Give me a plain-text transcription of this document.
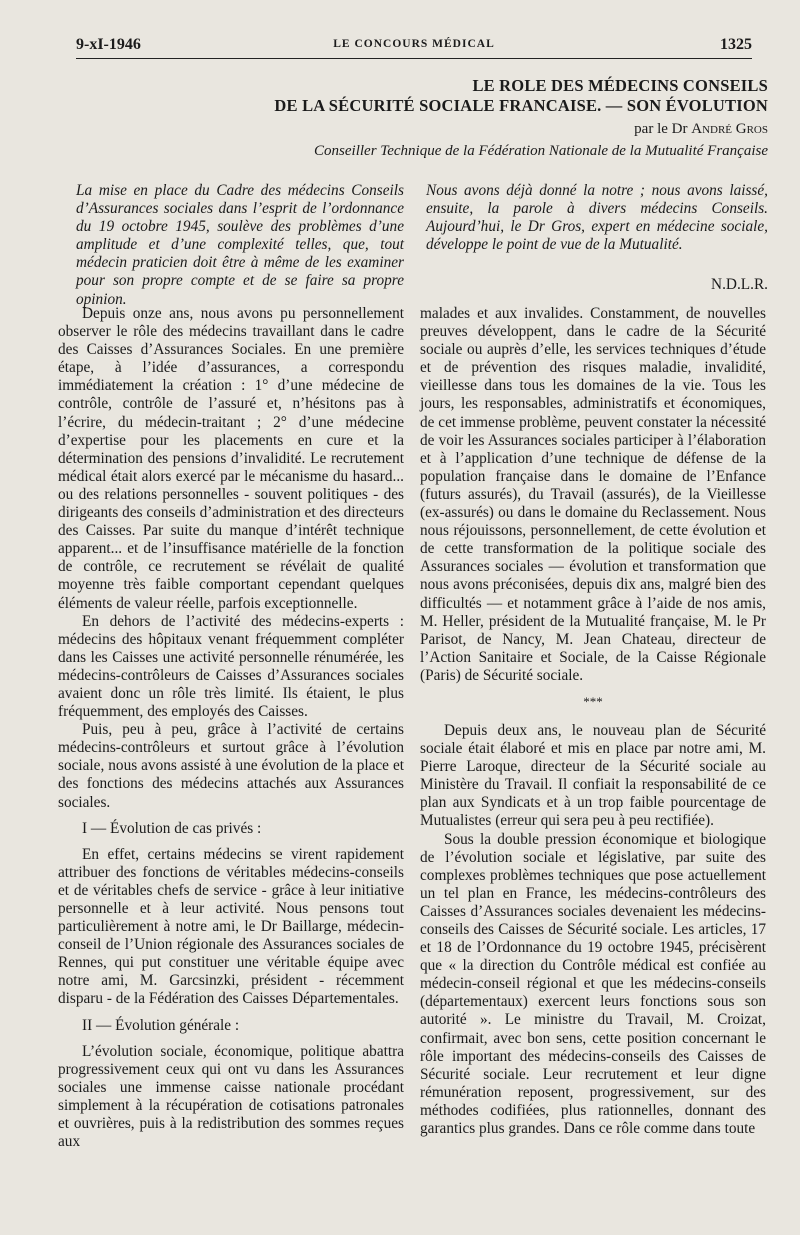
9-xI-1946	LE CONCOURS MÉDICAL	1325
LE ROLE DES MÉDECINS CONSEILS
DE LA SÉCURITÉ SOCIALE FRANCAISE. — SON ÉVOLUTION
par le Dr André Gros
Conseiller Technique de la Fédération Nationale de la Mutualité Française

La mise en place du Cadre des médecins Conseils d’Assurances sociales dans l’esprit de l’ordonnance du 19 octobre 1945, soulève des problèmes d’une amplitude et d’une complexité telles, que, tout médecin praticien doit être à même de les examiner pour son propre compte et de se faire sa propre opinion.

Nous avons déjà donné la notre ; nous avons laissé, ensuite, la parole à divers médecins Conseils. Aujourd’hui, le Dr Gros, expert en médecine sociale, développe le point de vue de la Mutualité.

N.D.L.R.

Depuis onze ans, nous avons pu personnellement observer le rôle des médecins travaillant dans le cadre des Caisses d’Assurances Sociales. En une première étape, à l’idée d’assurances, a correspondu immédiatement la création : 1° d’une médecine de contrôle, contrôle de l’assuré et, n’hésitons pas à l’écrire, du médecin-traitant ; 2° d’une médecine d’expertise pour les placements en cure et la détermination des pensions d’invalidité. Le recrutement médical était alors exercé par le mécanisme du hasard... ou des relations personnelles - souvent politiques - des dirigeants des conseils d’administration et des directeurs des Caisses. Par suite du manque d’intérêt technique apparent... et de l’insuffisance matérielle de la fonction de contrôle, ce recrutement se révélait de qualité moyenne très faible comportant cependant quelques éléments de valeur réelle, parfois exceptionnelle.

En dehors de l’activité des médecins-experts : médecins des hôpitaux venant fréquemment compléter dans les Caisses une activité personnelle rénumérée, les médecins-contrôleurs de Caisses d’Assurances sociales avaient donc un rôle très limité. Ils étaient, le plus fréquemment, des employés des Caisses.

Puis, peu à peu, grâce à l’activité de certains médecins-contrôleurs et surtout grâce à l’évolution sociale, nous avons assisté à une évolution de la place et des fonctions des médecins attachés aux Assurances sociales.

I — Évolution de cas privés :

En effet, certains médecins se virent rapidement attribuer des fonctions de véritables médecins-conseils et de véritables chefs de service - grâce à leur initiative personnelle et à leur activité. Nous pensons tout particulièrement à notre ami, le Dr Baillarge, médecin-conseil de l’Union régionale des Assurances sociales de Rennes, qui put constituer une véritable équipe avec notre ami, M. Garcsinzki, président - récemment disparu - de la Fédération des Caisses Départementales.

II — Évolution générale :

L’évolution sociale, économique, politique abattra progressivement ceux qui ont vu dans les Assurances sociales une immense caisse nationale procédant simplement à la récupération de cotisations patronales et ouvrières, puis à la redistribution des sommes reçues aux

malades et aux invalides. Constamment, de nouvelles preuves développent, dans le cadre de la Sécurité sociale ou auprès d’elle, les services techniques d’étude et de prévention des risques maladie, invalidité, vieillesse dans tous les domaines de la vie. Tous les jours, les responsables, administratifs et économiques, de cet immense problème, peuvent constater la nécessité de voir les Assurances sociales participer à l’élaboration et à l’application d’une technique de défense de la population française dans le domaine de l’Enfance (futurs assurés), du Travail (assurés), de la Vieillesse (ex-assurés) ou dans le domaine du Reclassement. Nous nous réjouissons, personnellement, de cette évolution et de cette transformation de la politique sociale des Assurances sociales — évolution et transformation que nous avons préconisées, depuis dix ans, malgré bien des difficultés — et notamment grâce à l’aide de nos amis, M. Heller, président de la Mutualité française, M. le Pr Parisot, de Nancy, M. Jean Chateau, directeur de l’Action Sanitaire et Sociale, de la Caisse Régionale (Paris) de Sécurité sociale.

***

Depuis deux ans, le nouveau plan de Sécurité sociale était élaboré et mis en place par notre ami, M. Pierre Laroque, directeur de la Sécurité sociale au Ministère du Travail. Il confiait la responsabilité de ce plan aux Syndicats et à un trop faible pourcentage de Mutualistes (erreur qui sera peu à peu rectifiée).

Sous la double pression économique et biologique de l’évolution sociale et législative, par suite des complexes problèmes techniques que pose actuellement un tel plan en France, les médecins-contrôleurs des Caisses d’Assurances sociales devenaient les médecins-conseils des Caisses de Sécurité sociale. Les articles, 17 et 18 de l’Ordonnance du 19 octobre 1945, précisèrent que « la direction du Contrôle médical est confiée au médecin-conseil régional et que les médecins-conseils (départementaux) exercent leurs fonctions sous son autorité ». Le ministre du Travail, M. Croizat, confirmait, avec bon sens, cette position concernant le rôle important des médecins-conseils des Caisses de Sécurité sociale. Leur recrutement et leur digne rémunération reposent, progressivement, sur des méthodes codifiées, plus rationnelles, donnant des garantics plus grandes. Dans ce rôle comme dans toute
